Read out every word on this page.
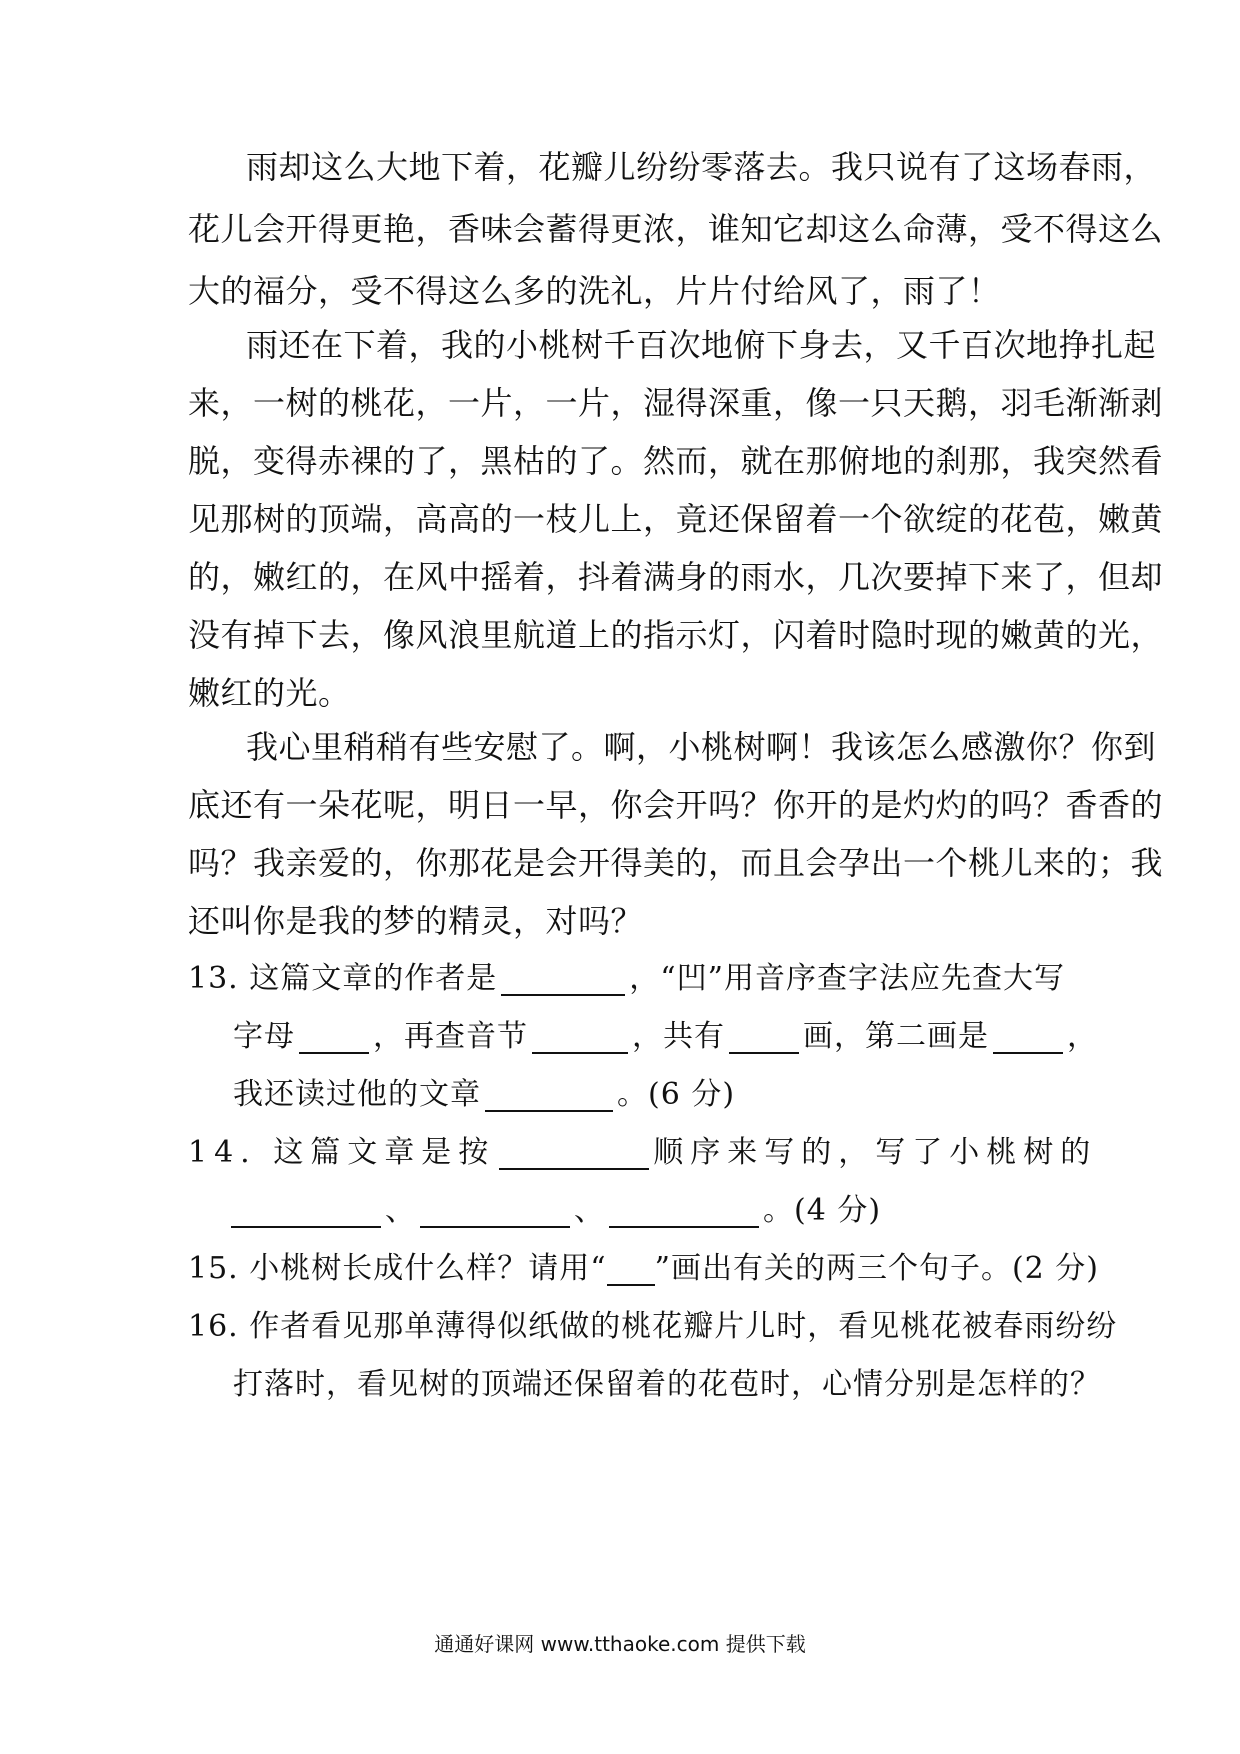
雨却这么大地下着，花瓣儿纷纷零落去。我只说有了这场春雨，
花儿会开得更艳，香味会蓄得更浓，谁知它却这么命薄，受不得这么
大的福分，受不得这么多的洗礼，片片付给风了，雨了！
雨还在下着，我的小桃树千百次地俯下身去，又千百次地挣扎起
来，一树的桃花，一片，一片，湿得深重，像一只天鹅，羽毛渐渐剥
脱，变得赤裸的了，黑枯的了。然而，就在那俯地的刹那，我突然看
见那树的顶端，高高的一枝儿上，竟还保留着一个欲绽的花苞，嫩黄
的，嫩红的，在风中摇着，抖着满身的雨水，几次要掉下来了，但却
没有掉下去，像风浪里航道上的指示灯，闪着时隐时现的嫩黄的光，
嫩红的光。
我心里稍稍有些安慰了。啊，小桃树啊！我该怎么感激你？你到
底还有一朵花呢，明日一早，你会开吗？你开的是灼灼的吗？香香的
吗？我亲爱的，你那花是会开得美的，而且会孕出一个桃儿来的；我
还叫你是我的梦的精灵，对吗？
13. 这篇文章的作者是	，“凹”用音序查字法应先查大写
字母	，再查音节	，共有	画，第二画是	，
我还读过他的文章	。(6 分)
14. 这篇文章是按	顺序来写的，写了小桃树的
、	、	。(4 分)
15. 小桃树长成什么样？请用“ ”画出有关的两三个句子。(2 分)
16. 作者看见那单薄得似纸做的桃花瓣片儿时，看见桃花被春雨纷纷
打落时，看见树的顶端还保留着的花苞时，心情分别是怎样的？
通通好课网 www.tthaoke.com 提供下载
